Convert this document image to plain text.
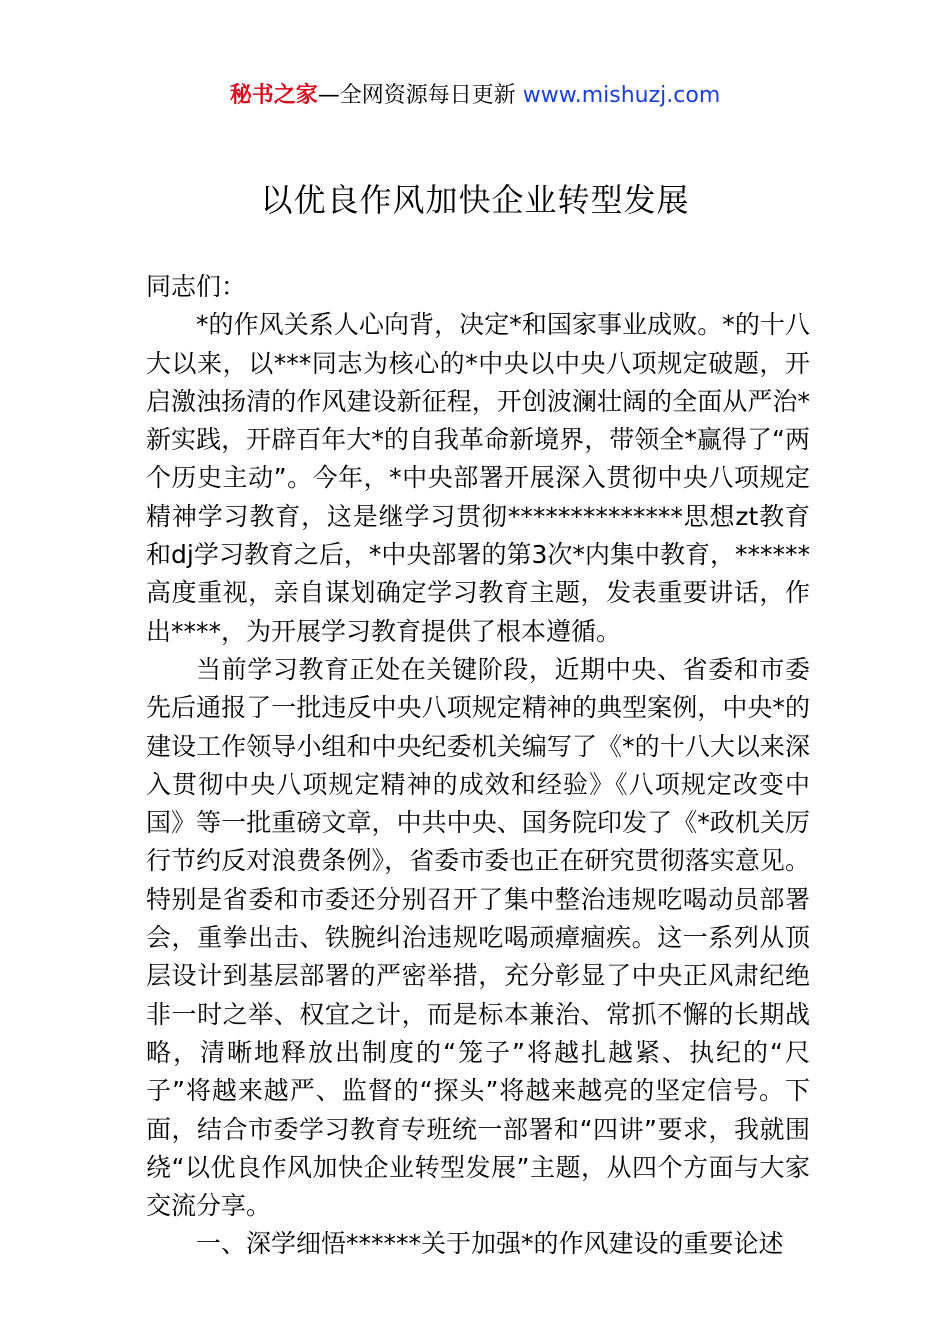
秘书之家—全网资源每日更新 www.mishuzj.com
以优良作风加快企业转型发展

同志们：

*的作风关系人心向背，决定*和国家事业成败。*的十八大以来，以***同志为核心的*中央以中央八项规定破题，开启激浊扬清的作风建设新征程，开创波澜壮阔的全面从严治*新实践，开辟百年大*的自我革命新境界，带领全*赢得了“两个历史主动”。今年，*中央部署开展深入贯彻中央八项规定精神学习教育，这是继学习贯彻**************思想zt教育和dj学习教育之后，*中央部署的第3次*内集中教育，******高度重视，亲自谋划确定学习教育主题，发表重要讲话，作出****，为开展学习教育提供了根本遵循。

当前学习教育正处在关键阶段，近期中央、省委和市委先后通报了一批违反中央八项规定精神的典型案例，中央*的建设工作领导小组和中央纪委机关编写了《*的十八大以来深入贯彻中央八项规定精神的成效和经验》《八项规定改变中国》等一批重磅文章，中共中央、国务院印发了《*政机关厉行节约反对浪费条例》，省委市委也正在研究贯彻落实意见。特别是省委和市委还分别召开了集中整治违规吃喝动员部署会，重拳出击、铁腕纠治违规吃喝顽瘴痼疾。这一系列从顶层设计到基层部署的严密举措，充分彰显了中央正风肃纪绝非一时之举、权宜之计，而是标本兼治、常抓不懈的长期战略，清晰地释放出制度的“笼子”将越扎越紧、执纪的“尺子”将越来越严、监督的“探头”将越来越亮的坚定信号。下面，结合市委学习教育专班统一部署和“四讲”要求，我就围绕“以优良作风加快企业转型发展”主题，从四个方面与大家交流分享。

一、深学细悟******关于加强*的作风建设的重要论述
